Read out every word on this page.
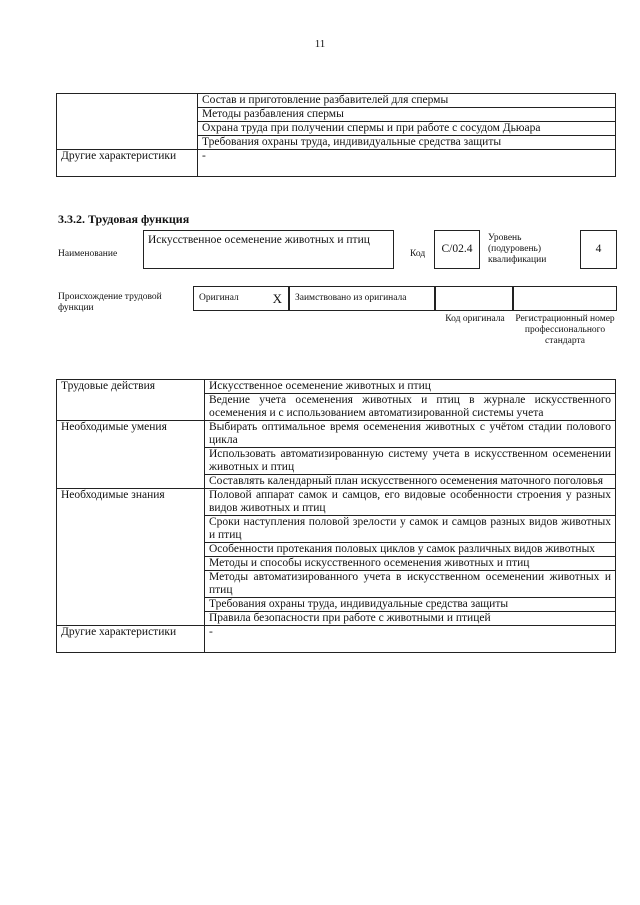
11
	Состав и приготовление разбавителей для спермы
	Методы разбавления спермы
	Охрана труда при получении спермы и при работе с сосудом Дьюара
	Требования охраны труда, индивидуальные средства защиты
Другие характеристики	-
3.3.2. Трудовая функция
Наименование
Искусственное осеменение животных и птиц
Код	С/02.4
Уровень (подуровень) квалификации
4
Происхождение трудовой функции
Оригинал	X	Заимствовано из оригинала
Код оригинала	Регистрационный номер профессионального стандарта
Трудовые действия	Искусственное осеменение животных и птиц
	Ведение учета осеменения животных и птиц в журнале искусственного осеменения и с использованием автоматизированной системы учета
Необходимые умения	Выбирать оптимальное время осеменения животных с учётом стадии полового цикла
	Использовать автоматизированную систему учета в искусственном осеменении животных и птиц
	Составлять календарный план искусственного осеменения маточного поголовья
Необходимые знания	Половой аппарат самок и самцов, его видовые особенности строения у разных видов животных и птиц
	Сроки наступления половой зрелости у самок и самцов разных видов животных и птиц
	Особенности протекания половых циклов у самок различных видов животных
	Методы и способы искусственного осеменения животных и птиц
	Методы автоматизированного учета в искусственном осеменении животных и птиц
	Требования охраны труда, индивидуальные средства защиты
	Правила безопасности при работе с животными и птицей
Другие характеристики	-
